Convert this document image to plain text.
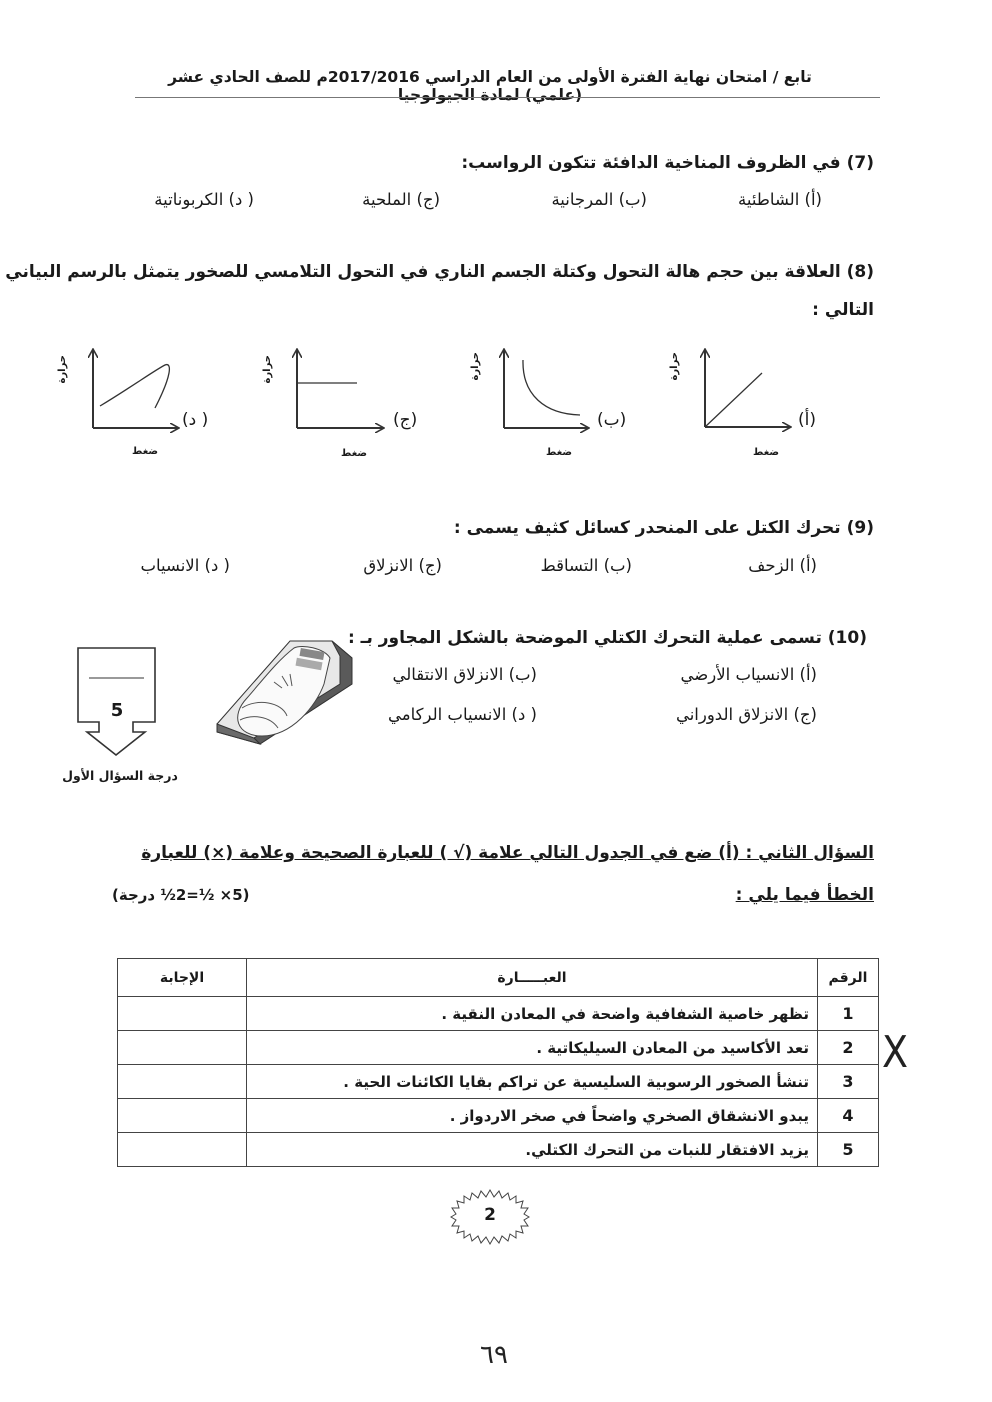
تابع / امتحان نهاية الفترة الأولى من العام الدراسي 2017/2016م للصف الحادي عشر (علمي) لمادة الجيولوجيا
(7) في الظروف المناخية الدافئة تتكون الرواسب:
(أ) الشاطئية
(ب) المرجانية
(ج) الملحية
( د) الكربوناتية
(8) العلاقة بين حجم هالة التحول وكتلة الجسم الناري في التحول التلامسي للصخور يتمثل بالرسم البياني
التالي :
( د)
حرارة
ضغط
(ج)
حرارة
ضغط
(ب)
حرارة
ضغط
(أ)
حرارة
ضغط
(9) تحرك الكتل على المنحدر كسائل كثيف يسمى :
(أ) الزحف
(ب) التساقط
(ج) الانزلاق
( د) الانسياب
(10) تسمى عملية التحرك الكتلي الموضحة بالشكل المجاور بـ :
(أ) الانسياب الأرضي
(ب) الانزلاق الانتقالي
(ج) الانزلاق الدوراني
( د) الانسياب الركامي
5
درجة السؤال الأول
السؤال الثاني : (أ) ضع في الجدول التالي علامة (√ ) للعبارة الصحيحة وعلامة (×) للعبارة
الخطأ فيما يلي :
(5× ½=2½ درجة)
الرقم	العبـــــارة	الإجابة
1	تظهر خاصية الشفافية واضحة في المعادن النقية .	
2	تعد الأكاسيد من المعادن السيليكاتية .	
3	تنشأ الصخور الرسوبية السليسية عن تراكم بقايا الكائنات الحية .	
4	يبدو الانشقاق الصخري واضحاً في صخر الاردواز .	
5	يزيد الافتقار للنبات من التحرك الكتلي.	
X
2
٦٩
